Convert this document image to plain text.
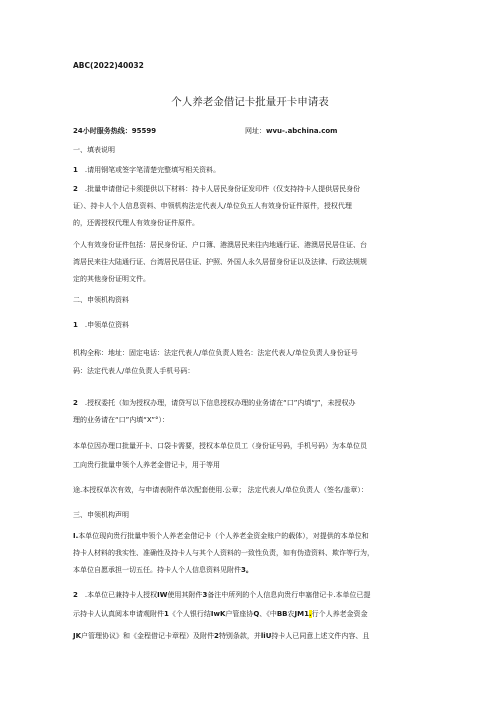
ABC(2022)40032
个人养老金借记卡批量开卡申请表
24小时服务热线：95599	网址：wvu-.abchina.com
一、填表说明
1 .请用钢笔或签字笔清楚完整填写相关资料。
2 .批量申请借记卡须提供以下材料：持卡人居民身份证发印件（仅支持持卡人提供居民身份
证）、持卡人个人信息资料、申领机构法定代表人/单位负五人有效身份证件原件，授权代理
的，还需授权代理人有效身份证件原件。
个人有效身份证件包括：居民身份证、户口簿、港澳居民来往内地通行证、港澳居民居住证、台
湾居民来往大陆通行证、台湾居民居住证、护照、外国人永久居留身份证以及法律、行政法规规
定的其他身份证明文件。
二、申领机构资料
1 .申领单位资料
机构全称：地址：固定电话：法定代表人/单位负责人姓名：法定代表人/单位负责人身份证号
码：法定代表人/单位负责人手机号码：
2 .授权委托（如为授权办理，请贷写以下信息授权办理的业务请在“口”内填“J”，未授权办
理的业务请在“口”内填“X”°）：
本单位因办理口批量开卡、口袋卡需要，授权本单位员工（身份证号码，手机号码）为本单位员
工向贵行批量申领个人养老金借记卡，用于等用
途.本授权单次有效，与申请表附件单次配套使用.公章； 法定代表人/单位负责人（签名/盖章）：
三、申领机构声明
I.本单位现向贵行批量申领个人养老金借记卡（个人养老金资金账户的载体），对提供的本单位和
持卡人材料的我实性、准确性及持卡人与其个人资料的一致性负责，如有伪造资料、欺诈等行为，
本单位自愿承担一切五任。持卡人个人信息资料见附件3。
2 .本单位已兼持卡人授权IW使用其附件3备注中所列的个人信息向贵行申塞借记卡.本单位已提
示持卡人认真阅本申请观附件1《个人银行结IwK户管座协Q、《中BB农JM1.行个人养老金资金
JK户管理协议》和《金程借记卡章程）及附件2特别条款，并liU持卡人已同意上述文件内容、且
